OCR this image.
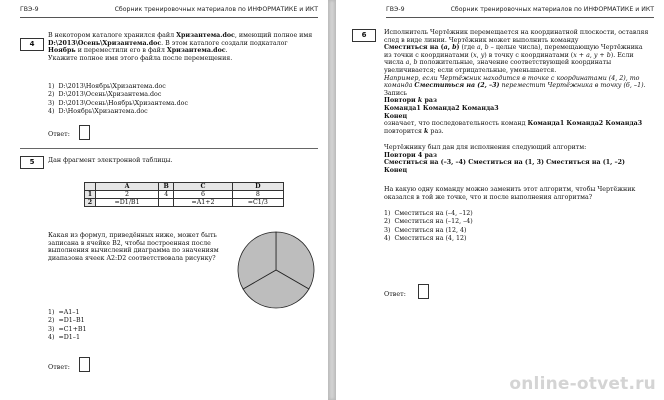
ГВЭ-9	Сборник тренировочных материалов по ИНФОРМАТИКЕ и ИКТ
4
В некотором каталоге хранился файл Хризантема.doc, имеющий полное имя
D:\2013\Осень\Хризантема.doc. В этом каталоге создали подкаталог
Ноябрь и переместили его в файл Хризантема.doc.
Укажите полное имя этого файла после перемещения.
1)  D:\2013\Ноябрь\Хризантема.doc
2)  D:\2013\Осень\Хризантема.doc
3)  D:\2013\Осень\Ноябрь\Хризантема.doc
4)  D:\Ноябрь\Хризантема.doc
Ответ:
5	Дан фрагмент электронной таблицы.
	A	B	C	D
1	2	4	6	8
2	=D1/B1		=A1+2	=C1/3
Какая из формул, приведённых ниже, может быть
записана в ячейке B2, чтобы построенная после
выполнения вычислений диаграмма по значениям
диапазона ячеек A2:D2 соответствовала рисунку?
1)  =A1–1
2)  =D1–B1
3)  =C1+B1
4)  =D1–1
Ответ:
ГВЭ-9	Сборник тренировочных материалов по ИНФОРМАТИКЕ и ИКТ
6	Исполнитель Чертёжник перемещается на координатной плоскости, оставляя
след в виде линии. Чертёжник может выполнить команду
Сместиться на (a, b) (где a, b – целые числа), перемещающую Чертёжника
из точки с координатами (x, y) в точку с координатами (x + a, y + b). Если
числа a, b положительные, значение соответствующей координаты
увеличивается; если отрицательные, уменьшается.
Например, если Чертёжник находится в точке с координатами (4, 2), то
команда Сместиться на (2, –3) переместит Чертёжника в точку (6, –1).
Запись
Повтори k раз
Команда1 Команда2 Команда3
Конец
означает, что последовательность команд Команда1 Команда2 Команда3
повторится k раз.
Чертёжнику был дан для исполнения следующий алгоритм:
Повтори 4 раз
Сместиться на (–3, –4) Сместиться на (1, 3) Сместиться на (1, –2)
Конец
На какую одну команду можно заменить этот алгоритм, чтобы Чертёжник
оказался в той же точке, что и после выполнения алгоритма?
1)  Сместиться на (–4, –12)
2)  Сместиться на (–12, –4)
3)  Сместиться на (12, 4)
4)  Сместиться на (4, 12)
Ответ:
online-otvet.ru
